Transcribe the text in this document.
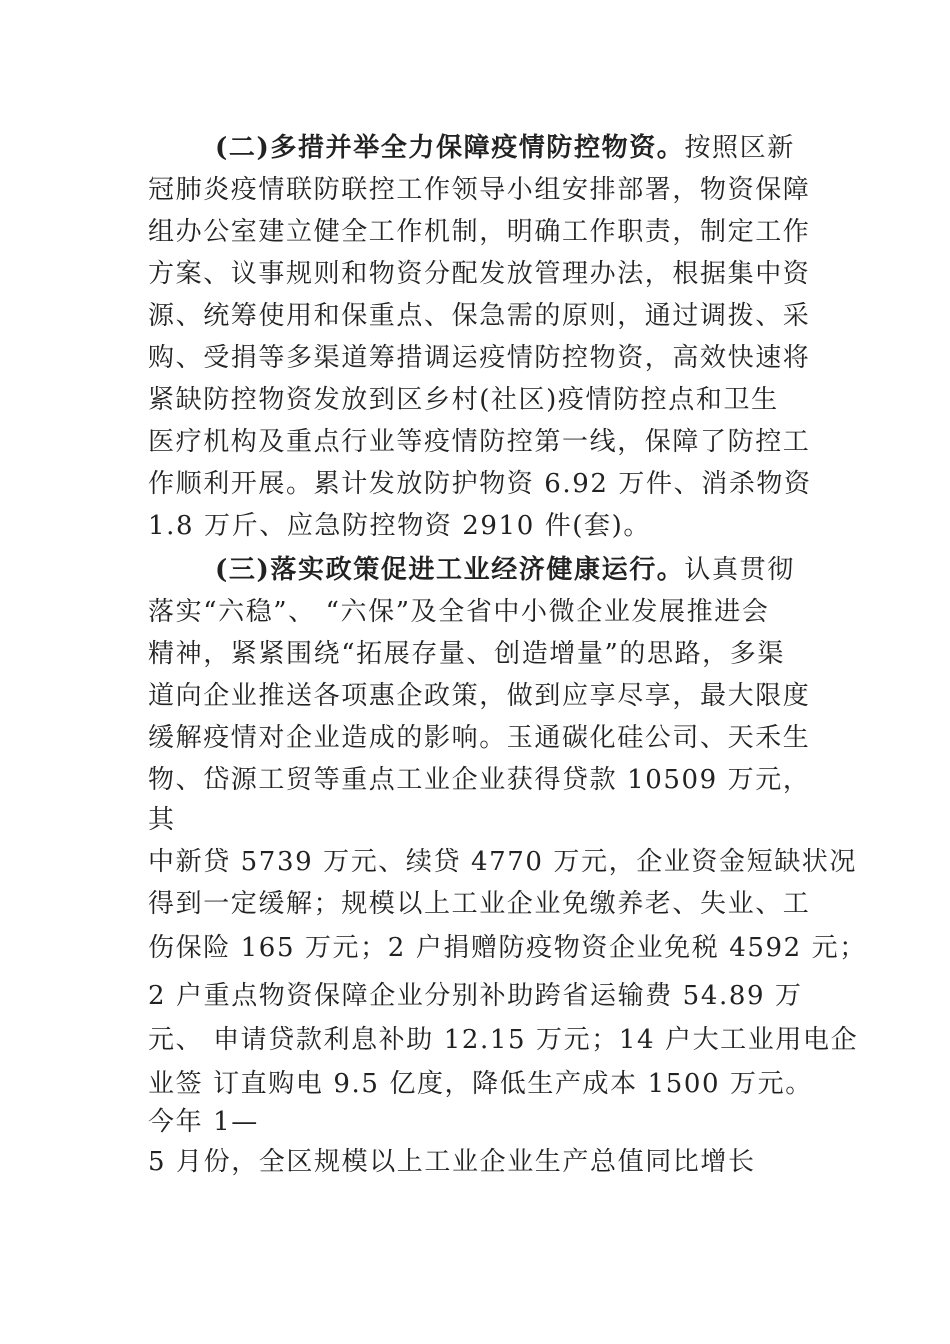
(二)多措并举全力保障疫情防控物资。按照区新
冠肺炎疫情联防联控工作领导小组安排部署，物资保障
组办公室建立健全工作机制，明确工作职责，制定工作
方案、议事规则和物资分配发放管理办法，根据集中资
源、统筹使用和保重点、保急需的原则，通过调拨、采
购、受捐等多渠道筹措调运疫情防控物资，高效快速将
紧缺防控物资发放到区乡村(社区)疫情防控点和卫生
医疗机构及重点行业等疫情防控第一线，保障了防控工
作顺利开展。累计发放防护物资 6.92 万件、消杀物资
1.8 万斤、应急防控物资 2910 件(套)。
(三)落实政策促进工业经济健康运行。认真贯彻
落实“六稳”、 “六保”及全省中小微企业发展推进会
精神，紧紧围绕“拓展存量、创造增量”的思路，多渠
道向企业推送各项惠企政策，做到应享尽享，最大限度
缓解疫情对企业造成的影响。玉通碳化硅公司、天禾生
物、岱源工贸等重点工业企业获得贷款 10509 万元，
其
中新贷 5739 万元、续贷 4770 万元，企业资金短缺状况
得到一定缓解；规模以上工业企业免缴养老、失业、工
伤保险 165 万元；2 户捐赠防疫物资企业免税 4592 元；
2 户重点物资保障企业分别补助跨省运输费 54.89 万
元、 申请贷款利息补助 12.15 万元；14 户大工业用电企
业签 订直购电 9.5 亿度，降低生产成本 1500 万元。
今年 1—
5 月份，全区规模以上工业企业生产总值同比增长
